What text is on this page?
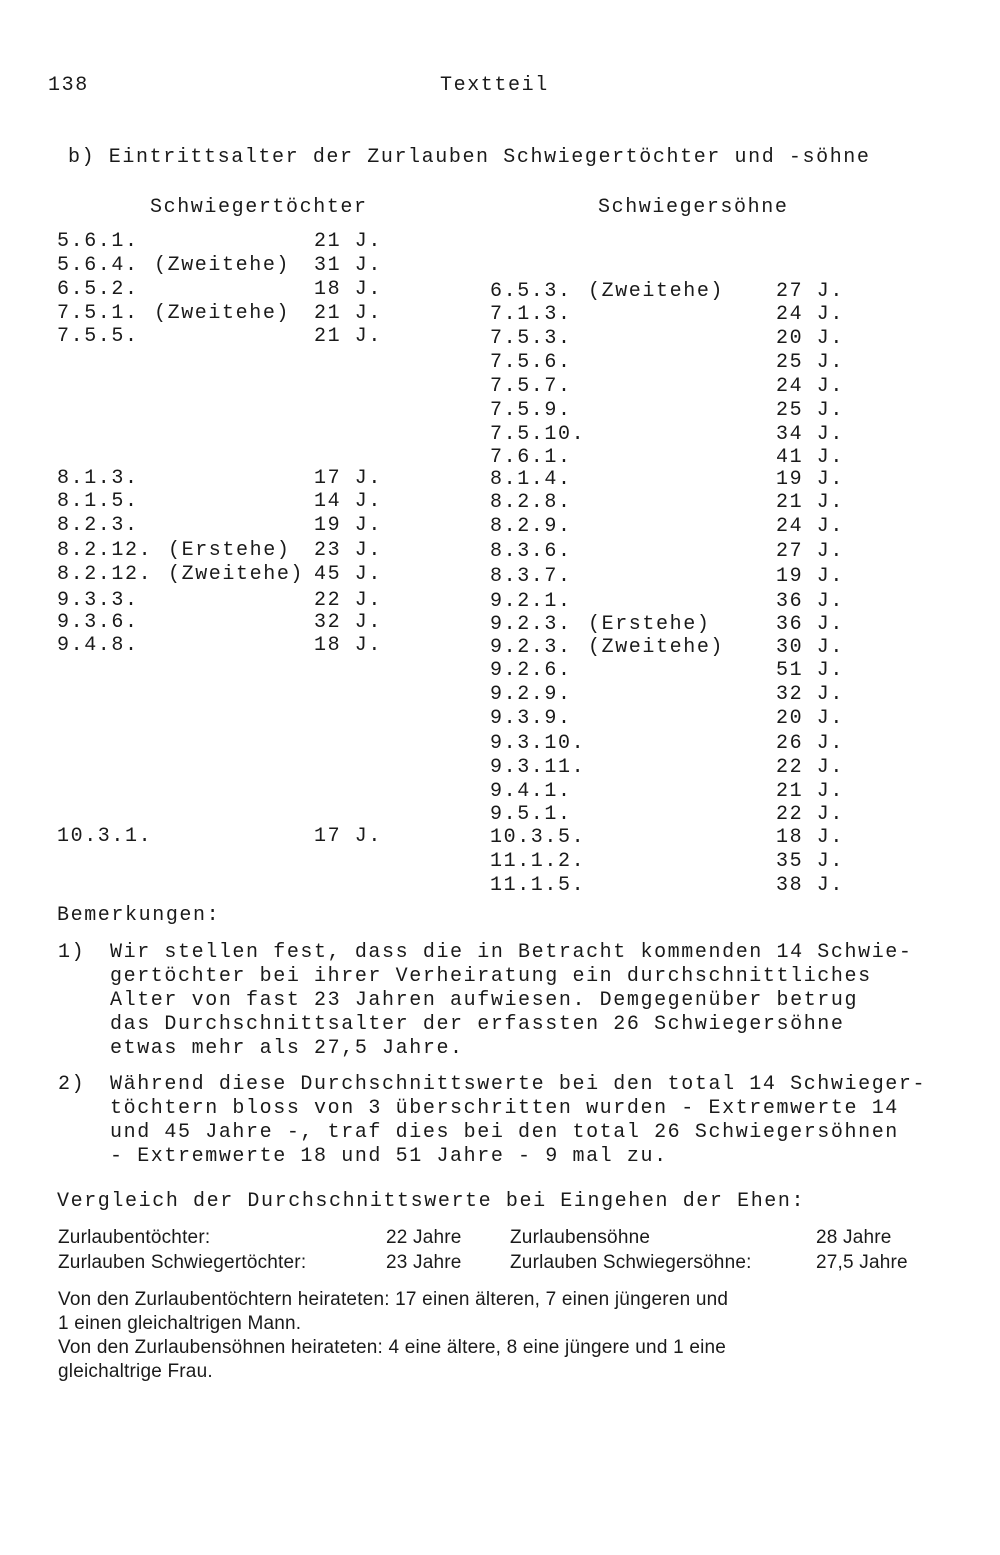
138	Textteil
b) Eintrittsalter der Zurlauben Schwiegertöchter und -söhne
Schwiegertöchter	Schwiegersöhne
5.6.1.	21 J.
5.6.4. (Zweitehe) 31 J.
6.5.2.	18 J.
7.5.1. (Zweitehe) 21 J.
7.5.5.	21 J.
8.1.3.	17 J.
8.1.5.	14 J.
8.2.3.	19 J.
8.2.12. (Erstehe) 23 J.
8.2.12. (Zweitehe) 45 J.
9.3.3.	22 J.
9.3.6.	32 J.
9.4.8.	18 J.
10.3.1.	17 J.
6.5.3. (Zweitehe)	27 J.
7.1.3.	24 J.
7.5.3.	20 J.
7.5.6.	25 J.
7.5.7.	24 J.
7.5.9.	25 J.
7.5.10.	34 J.
7.6.1.	41 J.
8.1.4.	19 J.
8.2.8.	21 J.
8.2.9.	24 J.
8.3.6.	27 J.
8.3.7.	19 J.
9.2.1.	36 J.
9.2.3. (Erstehe)	36 J.
9.2.3. (Zweitehe)	30 J.
9.2.6.	51 J.
9.2.9.	32 J.
9.3.9.	20 J.
9.3.10.	26 J.
9.3.11.	22 J.
9.4.1.	21 J.
9.5.1.	22 J.
10.3.5.	18 J.
11.1.2.	35 J.
11.1.5.	38 J.
Bemerkungen:
1) Wir stellen fest, dass die in Betracht kommenden 14 Schwie-
gertöchter bei ihrer Verheiratung ein durchschnittliches
Alter von fast 23 Jahren aufwiesen. Demgegenüber betrug
das Durchschnittsalter der erfassten 26 Schwiegersöhne
etwas mehr als 27,5 Jahre.
2) Während diese Durchschnittswerte bei den total 14 Schwieger-
töchtern bloss von 3 überschritten wurden - Extremwerte 14
und 45 Jahre -, traf dies bei den total 26 Schwiegersöhnen
- Extremwerte 18 und 51 Jahre - 9 mal zu.
Vergleich der Durchschnittswerte bei Eingehen der Ehen:
Zurlaubentöchter:	22 Jahre	Zurlaubensöhne	28 Jahre
Zurlauben Schwiegertöchter:	23 Jahre	Zurlauben Schwiegersöhne:	27,5 Jahre
Von den Zurlaubentöchtern heirateten: 17 einen älteren, 7 einen jüngeren und
1 einen gleichaltrigen Mann.
Von den Zurlaubensöhnen heirateten: 4 eine ältere, 8 eine jüngere und 1 eine
gleichaltrige Frau.
